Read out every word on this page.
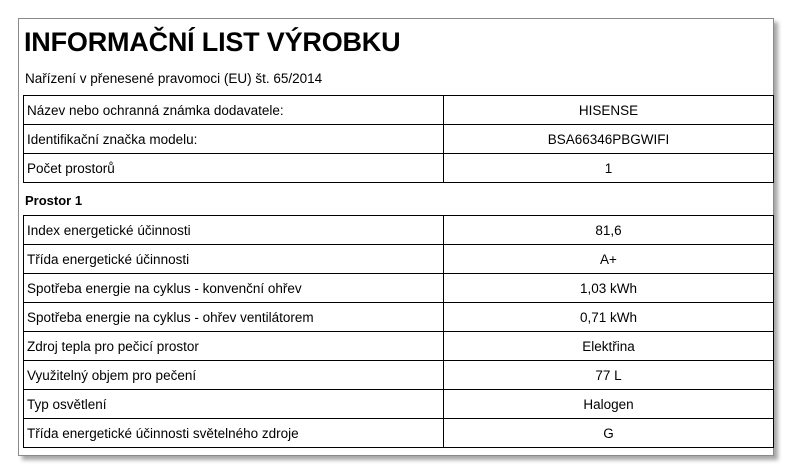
INFORMAČNÍ LIST VÝROBKU
Nařízení v přenesené pravomoci (EU) št. 65/2014
Název nebo ochranná známka dodavatele:	HISENSE
Identifikační značka modelu:	BSA66346PBGWIFI
Počet prostorů	1
Prostor 1
Index energetické účinnosti	81,6
Třída energetické účinnosti	A+
Spotřeba energie na cyklus - konvenční ohřev	1,03 kWh
Spotřeba energie na cyklus - ohřev ventilátorem	0,71 kWh
Zdroj tepla pro pečicí prostor	Elektřina
Využitelný objem pro pečení	77 L
Typ osvětlení	Halogen
Třída energetické účinnosti světelného zdroje	G
